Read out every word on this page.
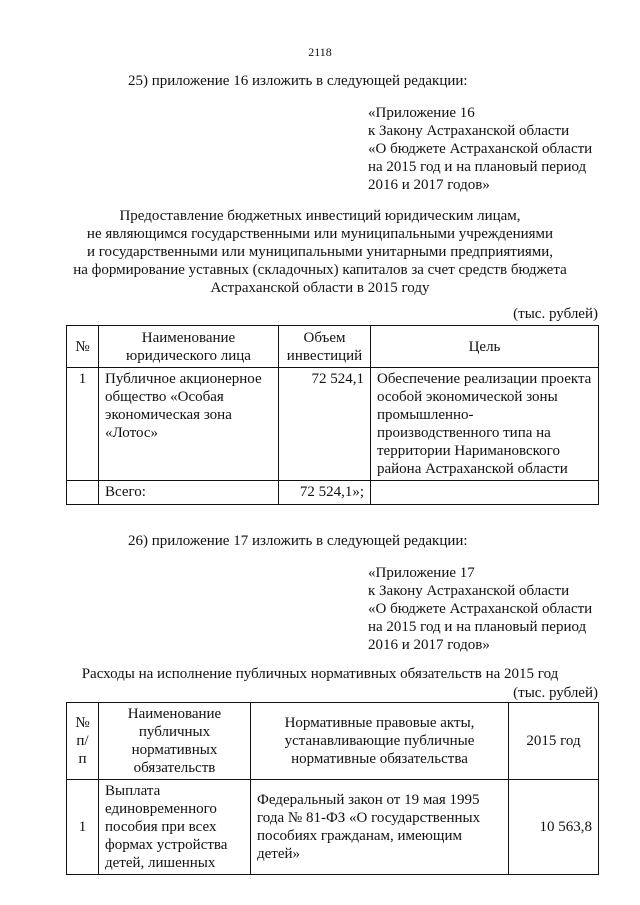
2118
25) приложение 16 изложить в следующей редакции:
«Приложение 16
к Закону Астраханской области
«О бюджете Астраханской области
на 2015 год и на плановый период
2016 и 2017 годов»
Предоставление бюджетных инвестиций юридическим лицам,
не являющимся государственными или муниципальными учреждениями
и государственными или муниципальными унитарными предприятиями,
на формирование уставных (складочных) капиталов за счет средств бюджета
Астраханской области в 2015 году
(тыс. рублей)
№	Наименование юридического лица	Объем инвестиций	Цель
1	Публичное акционерное общество «Особая экономическая зона «Лотос»	72 524,1	Обеспечение реализации проекта особой экономической зоны промышленно-производственного типа на территории Наримановского района Астраханской области
	Всего:	72 524,1»;	
26) приложение 17 изложить в следующей редакции:
«Приложение 17
к Закону Астраханской области
«О бюджете Астраханской области
на 2015 год и на плановый период
2016 и 2017 годов»
Расходы на исполнение публичных нормативных обязательств на 2015 год
(тыс. рублей)
№ п/п	Наименование публичных нормативных обязательств	Нормативные правовые акты, устанавливающие публичные нормативные обязательства	2015 год
1	Выплата единовременного пособия при всех формах устройства детей, лишенных	Федеральный закон от 19 мая 1995 года № 81-ФЗ «О государственных пособиях гражданам, имеющим детей»	10 563,8
